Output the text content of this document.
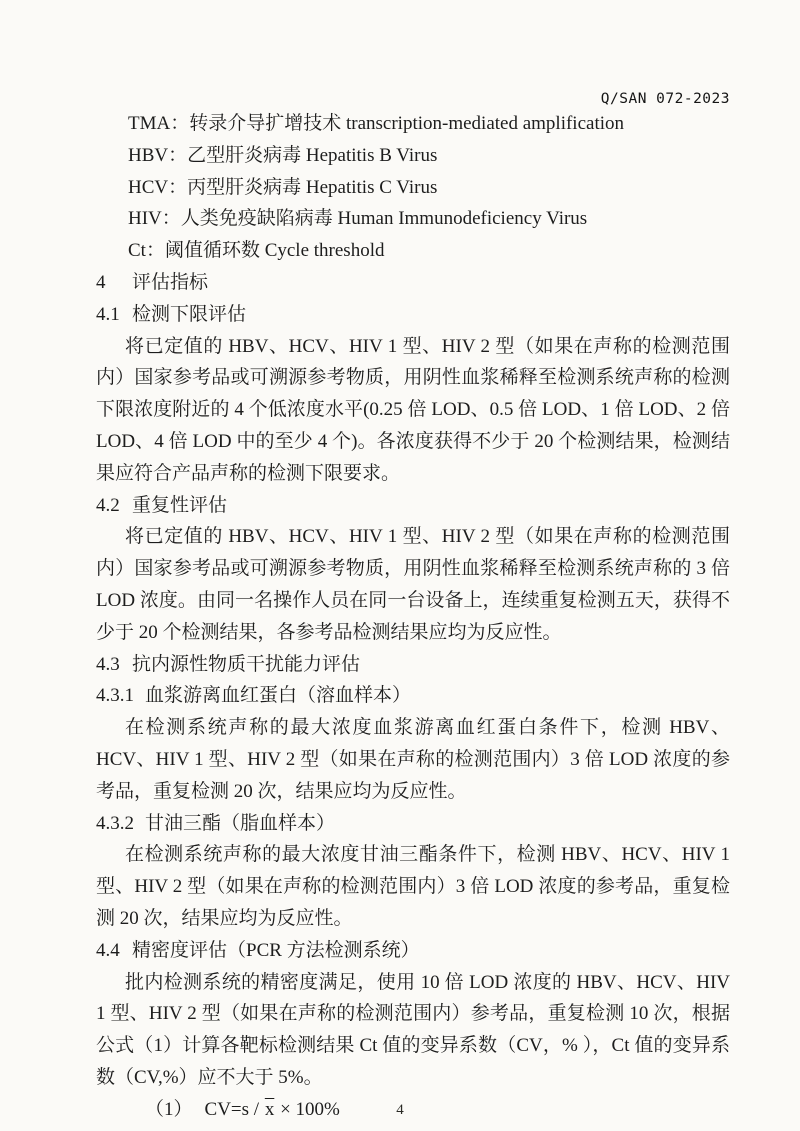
Q/SAN 072-2023

TMA：转录介导扩增技术 transcription-mediated amplification

HBV：乙型肝炎病毒 Hepatitis B Virus

HCV：丙型肝炎病毒 Hepatitis C Virus

HIV：人类免疫缺陷病毒 Human Immunodeficiency Virus

Ct：阈值循环数 Cycle threshold

4 评估指标
4.1 检测下限评估

将已定值的 HBV、HCV、HIV 1 型、HIV 2 型（如果在声称的检测范围内）国家参考品或可溯源参考物质，用阴性血浆稀释至检测系统声称的检测下限浓度附近的 4 个低浓度水平(0.25 倍 LOD、0.5 倍 LOD、1 倍 LOD、2 倍 LOD、4 倍 LOD 中的至少 4 个)。各浓度获得不少于 20 个检测结果，检测结果应符合产品声称的检测下限要求。

4.2 重复性评估

将已定值的 HBV、HCV、HIV 1 型、HIV 2 型（如果在声称的检测范围内）国家参考品或可溯源参考物质，用阴性血浆稀释至检测系统声称的 3 倍 LOD 浓度。由同一名操作人员在同一台设备上，连续重复检测五天，获得不少于 20 个检测结果，各参考品检测结果应均为反应性。

4.3 抗内源性物质干扰能力评估
4.3.1 血浆游离血红蛋白（溶血样本）

在检测系统声称的最大浓度血浆游离血红蛋白条件下，检测 HBV、HCV、HIV 1 型、HIV 2 型（如果在声称的检测范围内）3 倍 LOD 浓度的参考品，重复检测 20 次，结果应均为反应性。

4.3.2 甘油三酯（脂血样本）

在检测系统声称的最大浓度甘油三酯条件下，检测 HBV、HCV、HIV 1 型、HIV 2 型（如果在声称的检测范围内）3 倍 LOD 浓度的参考品，重复检测 20 次，结果应均为反应性。

4.4 精密度评估（PCR 方法检测系统）

批内检测系统的精密度满足，使用 10 倍 LOD 浓度的 HBV、HCV、HIV 1 型、HIV 2 型（如果在声称的检测范围内）参考品，重复检测 10 次，根据公式（1）计算各靶标检测结果 Ct 值的变异系数（CV，% ），Ct 值的变异系数（CV,%）应不大于 5%。

（1） $CV=s / \overline{x} \times 100\%$	4
